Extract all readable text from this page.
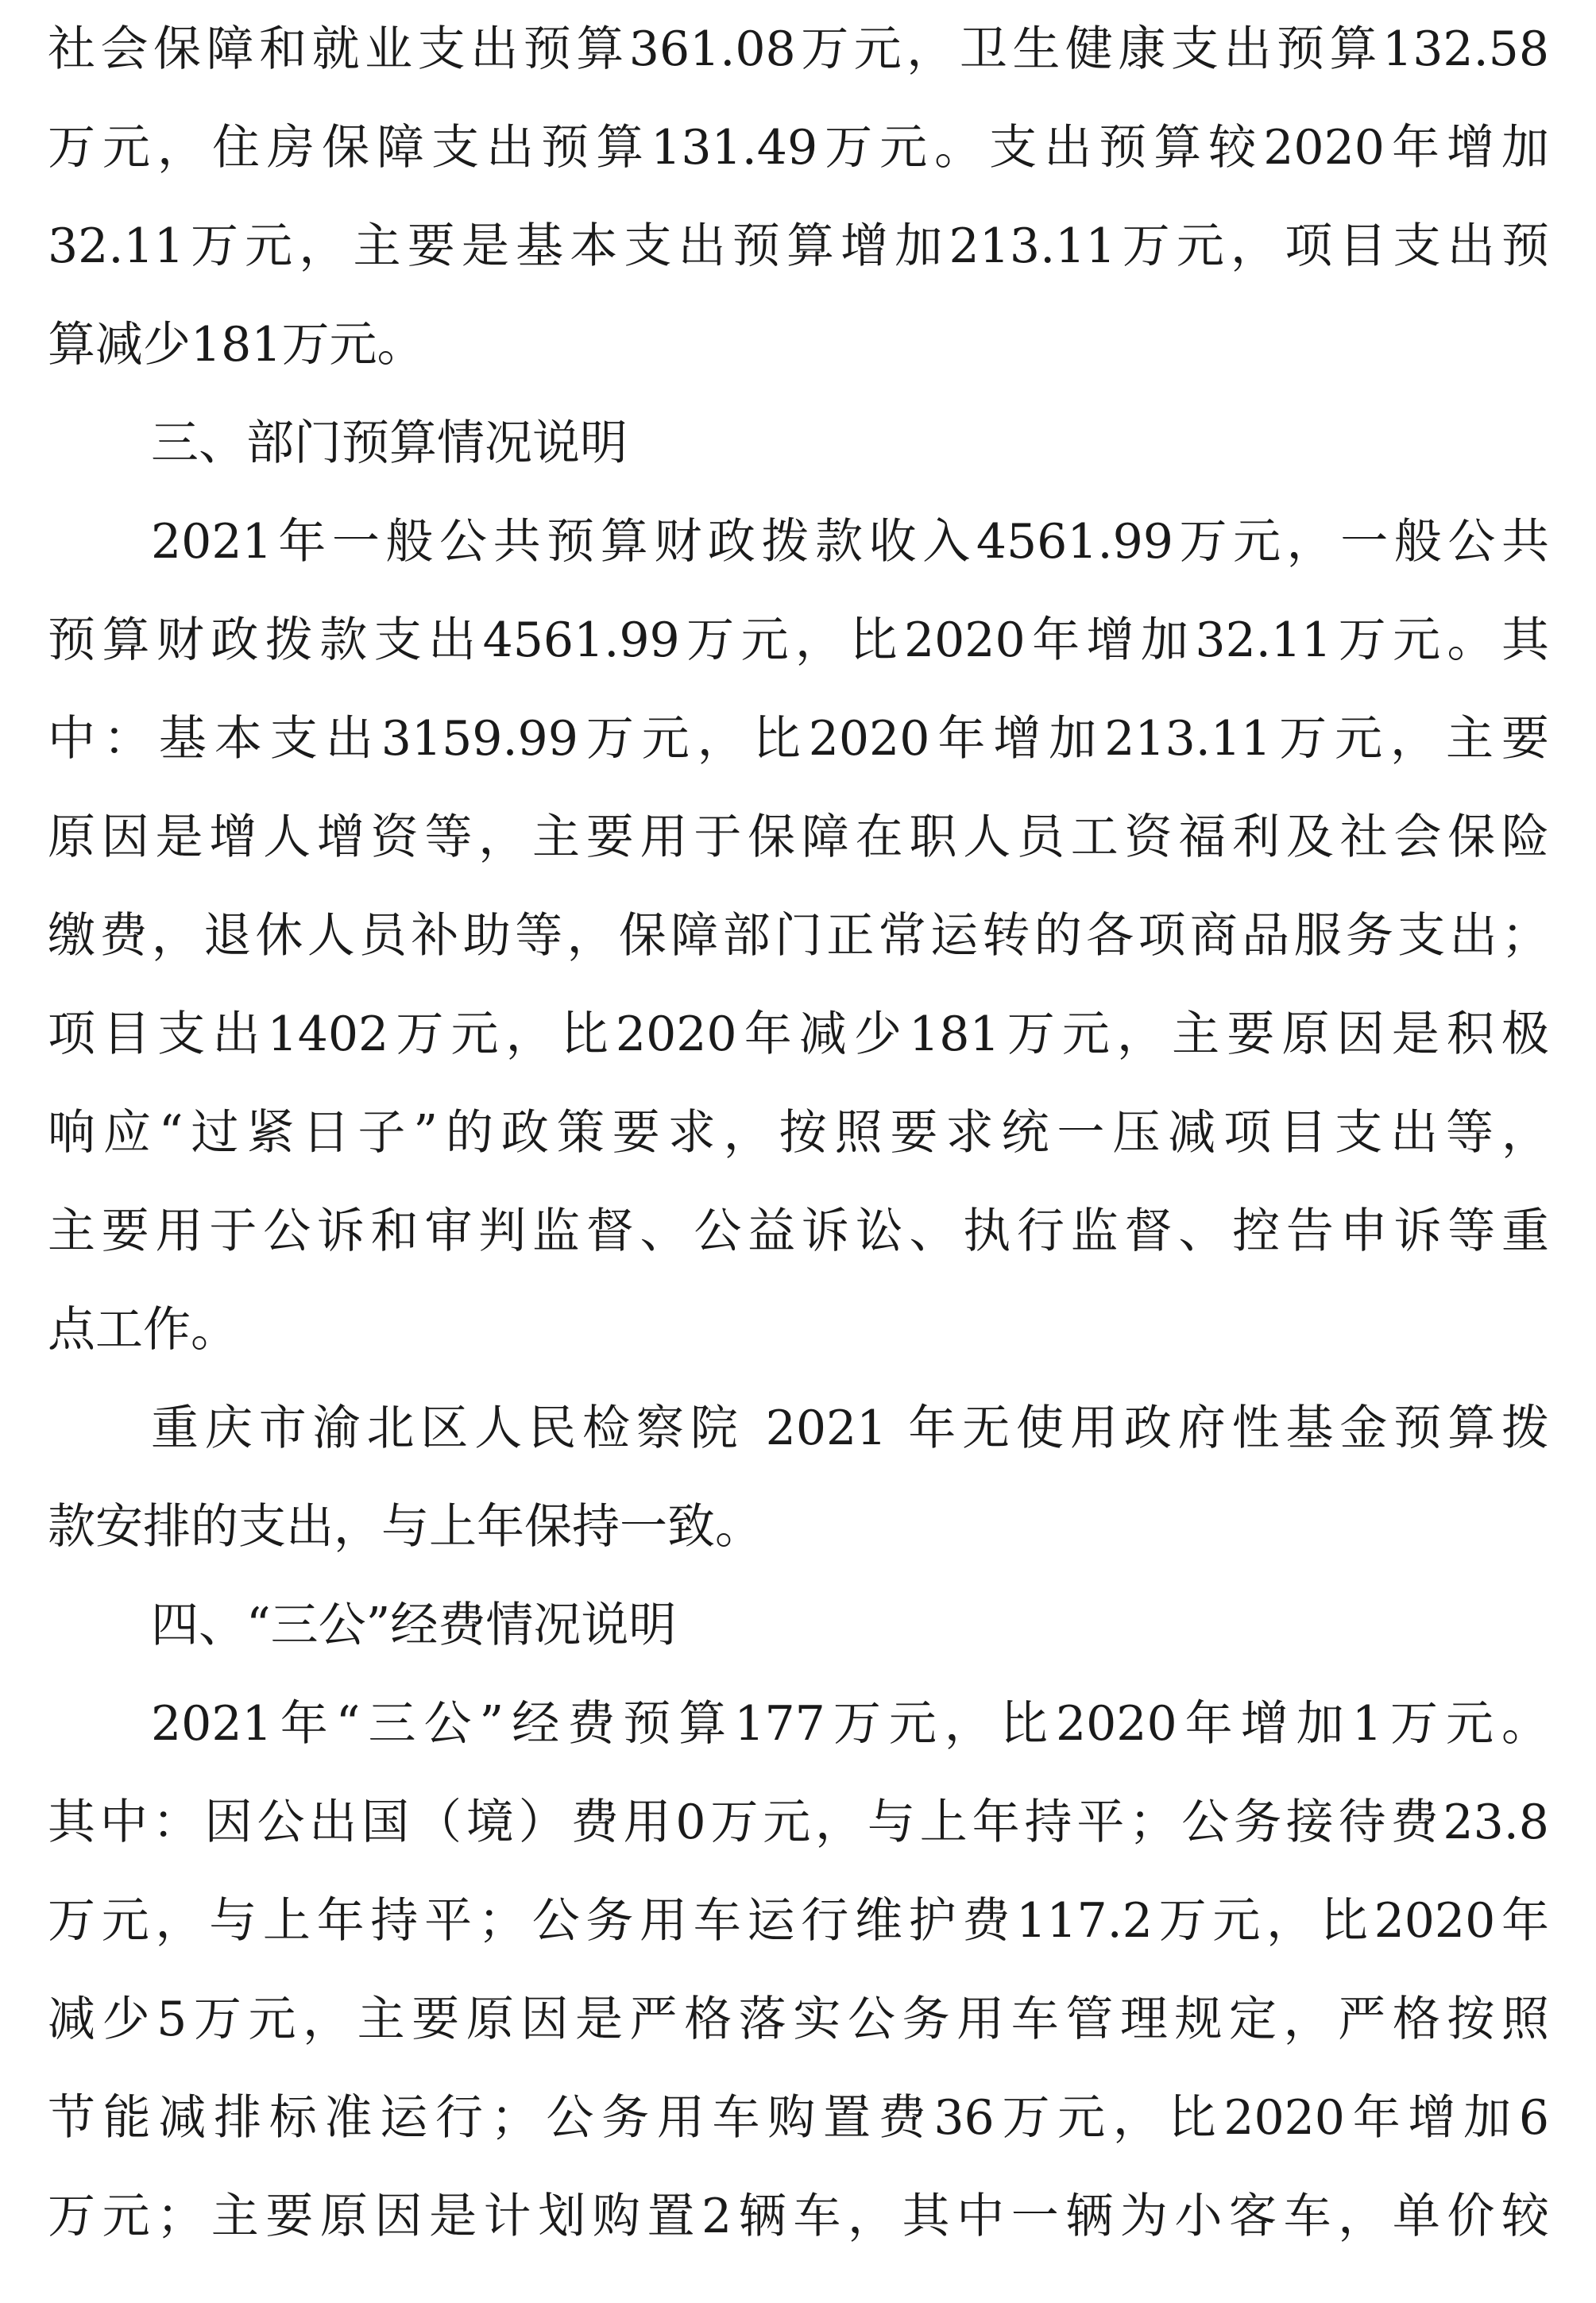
社会保障和就业支出预算361.08万元，卫生健康支出预算132.58
万元，住房保障支出预算131.49万元。支出预算较2020年增加
32.11万元，主要是基本支出预算增加213.11万元，项目支出预
算减少181万元。
三、部门预算情况说明
2021年一般公共预算财政拨款收入4561.99万元，一般公共
预算财政拨款支出4561.99万元，比2020年增加32.11万元。其
中：基本支出3159.99万元，比2020年增加213.11万元，主要
原因是增人增资等，主要用于保障在职人员工资福利及社会保险
缴费，退休人员补助等，保障部门正常运转的各项商品服务支出；
项目支出1402万元，比2020年减少181万元，主要原因是积极
响应“过紧日子”的政策要求，按照要求统一压减项目支出等，
主要用于公诉和审判监督、公益诉讼、执行监督、控告申诉等重
点工作。
重庆市渝北区人民检察院 2021 年无使用政府性基金预算拨
款安排的支出，与上年保持一致。
四、“三公”经费情况说明
2021年“三公”经费预算177万元，比2020年增加1万元。
其中：因公出国（境）费用0万元，与上年持平；公务接待费23.8
万元，与上年持平；公务用车运行维护费117.2万元，比2020年
减少5万元，主要原因是严格落实公务用车管理规定，严格按照
节能减排标准运行；公务用车购置费36万元，比2020年增加6
万元；主要原因是计划购置2辆车，其中一辆为小客车，单价较
